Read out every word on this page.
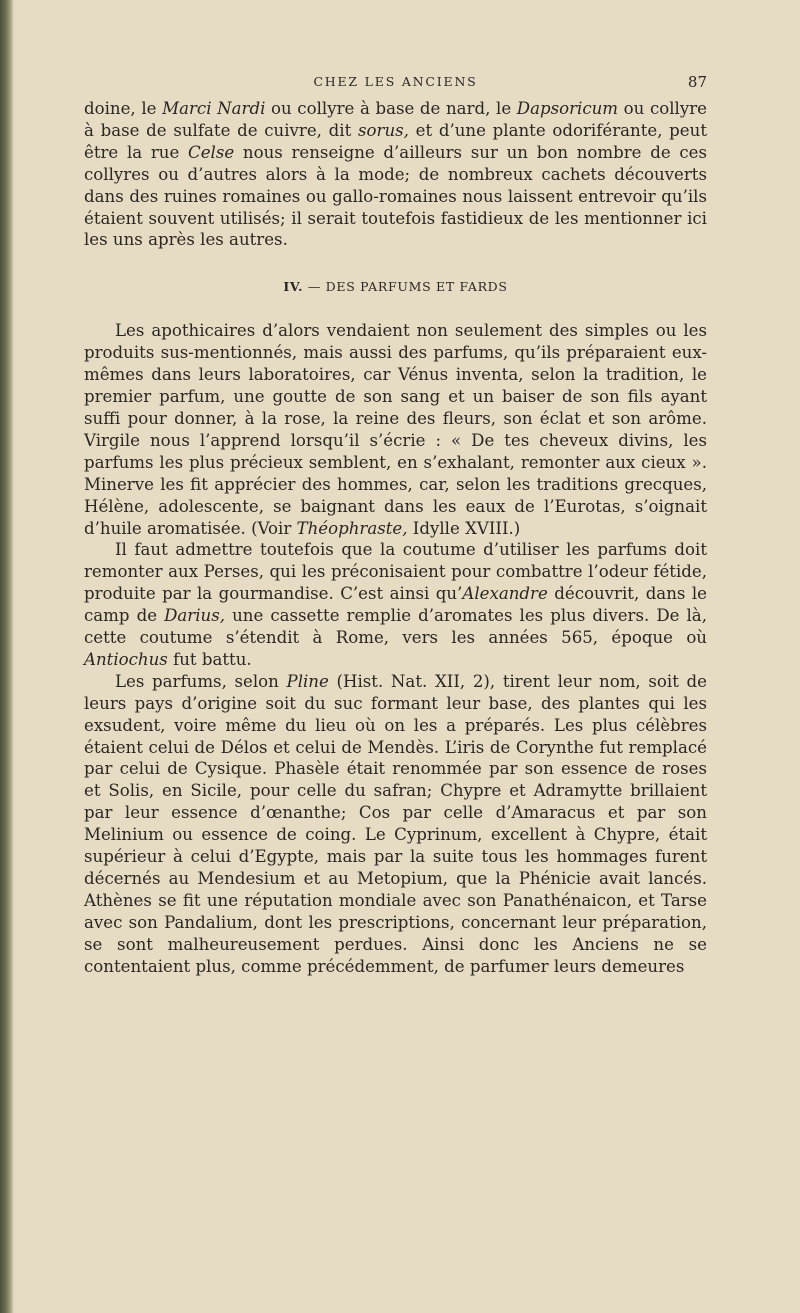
CHEZ LES ANCIENS	87

doine, le Marci Nardi ou collyre à base de nard, le Dapsoricum ou collyre à base de sulfate de cuivre, dit sorus, et d’une plante odoriférante, peut être la rue Celse nous renseigne d’ailleurs sur un bon nombre de ces collyres ou d’autres alors à la mode; de nombreux cachets découverts dans des ruines romaines ou gallo-romaines nous laissent entrevoir qu’ils étaient souvent utilisés; il serait toutefois fastidieux de les mentionner ici les uns après les autres.

IV. — DES PARFUMS ET FARDS

Les apothicaires d’alors vendaient non seulement des simples ou les produits sus-mentionnés, mais aussi des parfums, qu’ils préparaient eux-mêmes dans leurs laboratoires, car Vénus inventa, selon la tradition, le premier parfum, une goutte de son sang et un baiser de son fils ayant suffi pour donner, à la rose, la reine des fleurs, son éclat et son arôme. Virgile nous l’apprend lorsqu’il s’écrie : « De tes cheveux divins, les parfums les plus précieux semblent, en s’exhalant, remonter aux cieux ». Minerve les fit apprécier des hommes, car, selon les traditions grecques, Hélène, adolescente, se baignant dans les eaux de l’Eurotas, s’oignait d’huile aromatisée. (Voir Théophraste, Idylle XVIII.)

Il faut admettre toutefois que la coutume d’utiliser les parfums doit remonter aux Perses, qui les préconisaient pour combattre l’odeur fétide, produite par la gourmandise. C’est ainsi qu’Alexandre découvrit, dans le camp de Darius, une cassette remplie d’aromates les plus divers. De là, cette coutume s’étendit à Rome, vers les années 565, époque où Antiochus fut battu.

Les parfums, selon Pline (Hist. Nat. XII, 2), tirent leur nom, soit de leurs pays d’origine soit du suc formant leur base, des plantes qui les exsudent, voire même du lieu où on les a préparés. Les plus célèbres étaient celui de Délos et celui de Mendès. L’iris de Corynthe fut remplacé par celui de Cysique. Phasèle était renommée par son essence de roses et Solis, en Sicile, pour celle du safran; Chypre et Adramytte brillaient par leur essence d’œnanthe; Cos par celle d’Amaracus et par son Melinium ou essence de coing. Le Cyprinum, excellent à Chypre, était supérieur à celui d’Egypte, mais par la suite tous les hommages furent décernés au Mendesium et au Metopium, que la Phénicie avait lancés. Athènes se fit une réputation mondiale avec son Panathénaicon, et Tarse avec son Pandalium, dont les prescriptions, concernant leur préparation, se sont malheureusement perdues. Ainsi donc les Anciens ne se contentaient plus, comme précédemment, de parfumer leurs demeures
